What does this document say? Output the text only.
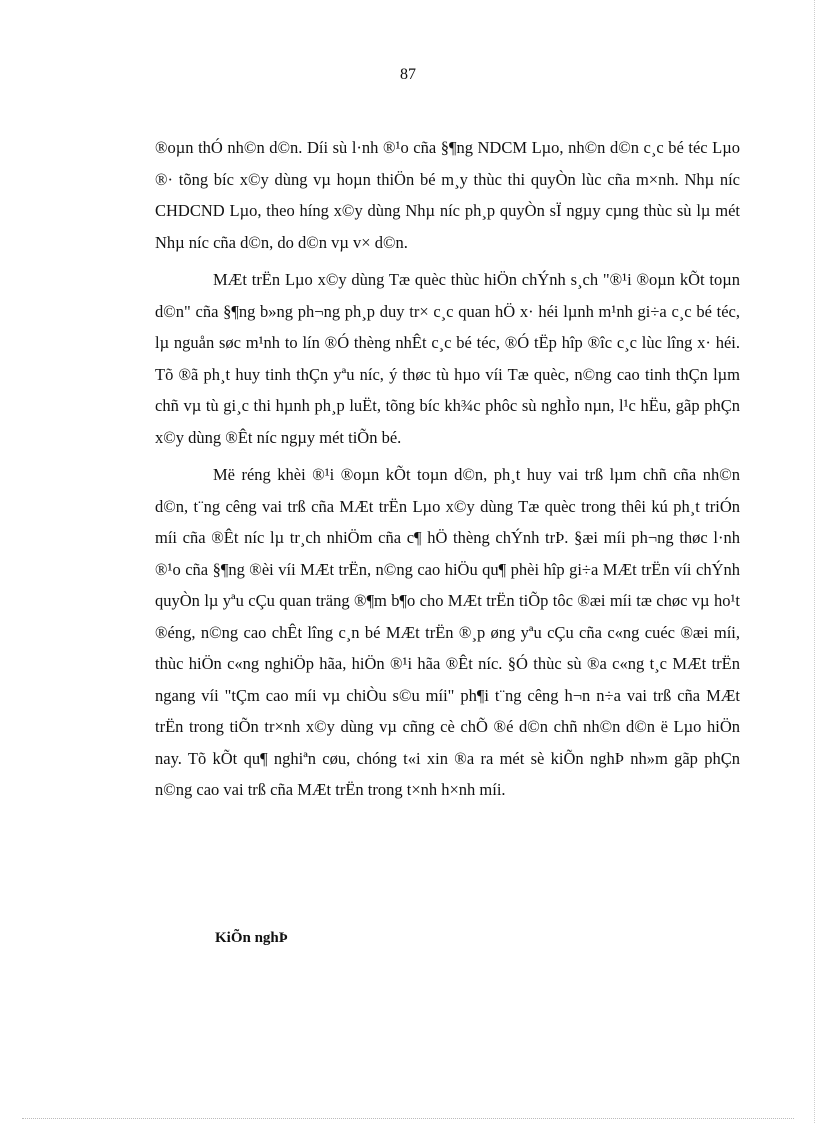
87

®oµn thÓ nh©n d©n. Díi sù l·nh ®¹o cña §¶ng NDCM Lµo, nh©n d©n c¸c bé téc Lµo ®· tõng bíc x©y dùng vµ hoµn thiÖn bé m¸y thùc thi quyÒn lùc cña m×nh. Nhµ níc CHDCND Lµo, theo híng x©y dùng Nhµ níc ph¸p quyÒn sÏ ngµy cµng thùc sù lµ mét Nhµ níc cña d©n, do d©n vµ v× d©n.

MÆt trËn Lµo x©y dùng Tæ quèc thùc hiÖn chÝnh s¸ch "®¹i ®oµn kÕt toµn d©n" cña §¶ng b»ng ph¬ng ph¸p duy tr× c¸c quan hÖ x· héi lµnh m¹nh gi÷a c¸c bé téc, lµ nguån søc m¹nh to lín ®Ó thèng nhÊt c¸c bé téc, ®Ó tËp hîp ®îc c¸c lùc lîng x· héi. Tõ ®ã ph¸t huy tinh thÇn yªu níc, ý thøc tù hµo víi Tæ quèc, n©ng cao tinh thÇn lµm chñ vµ tù gi¸c thi hµnh ph¸p luËt, tõng bíc kh¾c phôc sù nghÌo nµn, l¹c hËu, gãp phÇn x©y dùng ®Êt níc ngµy mét tiÕn bé.

Më réng khèi ®¹i ®oµn kÕt toµn d©n, ph¸t huy vai trß lµm chñ cña nh©n d©n, t¨ng cêng vai trß cña MÆt trËn Lµo x©y dùng Tæ quèc trong thêi kú ph¸t triÓn míi cña ®Êt níc lµ tr¸ch nhiÖm cña c¶ hÖ thèng chÝnh trÞ. §æi míi ph¬ng thøc l·nh ®¹o cña §¶ng ®èi víi MÆt trËn, n©ng cao hiÖu qu¶ phèi hîp gi÷a MÆt trËn víi chÝnh quyÒn lµ yªu cÇu quan träng ®¶m b¶o cho MÆt trËn tiÕp tôc ®æi míi tæ chøc vµ ho¹t ®éng, n©ng cao chÊt lîng c¸n bé MÆt trËn ®¸p øng yªu cÇu cña c«ng cuéc ®æi míi, thùc hiÖn c«ng nghiÖp hãa, hiÖn ®¹i hãa ®Êt níc. §Ó thùc sù ®a c«ng t¸c MÆt trËn ngang víi "tÇm cao míi vµ chiÒu s©u míi" ph¶i t¨ng cêng h¬n n÷a vai trß cña MÆt trËn trong tiÕn tr×nh x©y dùng vµ cñng cè chÕ ®é d©n chñ nh©n d©n ë Lµo hiÖn nay. Tõ kÕt qu¶ nghiªn cøu, chóng t«i xin ®a ra mét sè kiÕn nghÞ nh»m gãp phÇn n©ng cao vai trß cña MÆt trËn trong t×nh h×nh míi.

KiÕn nghÞ
